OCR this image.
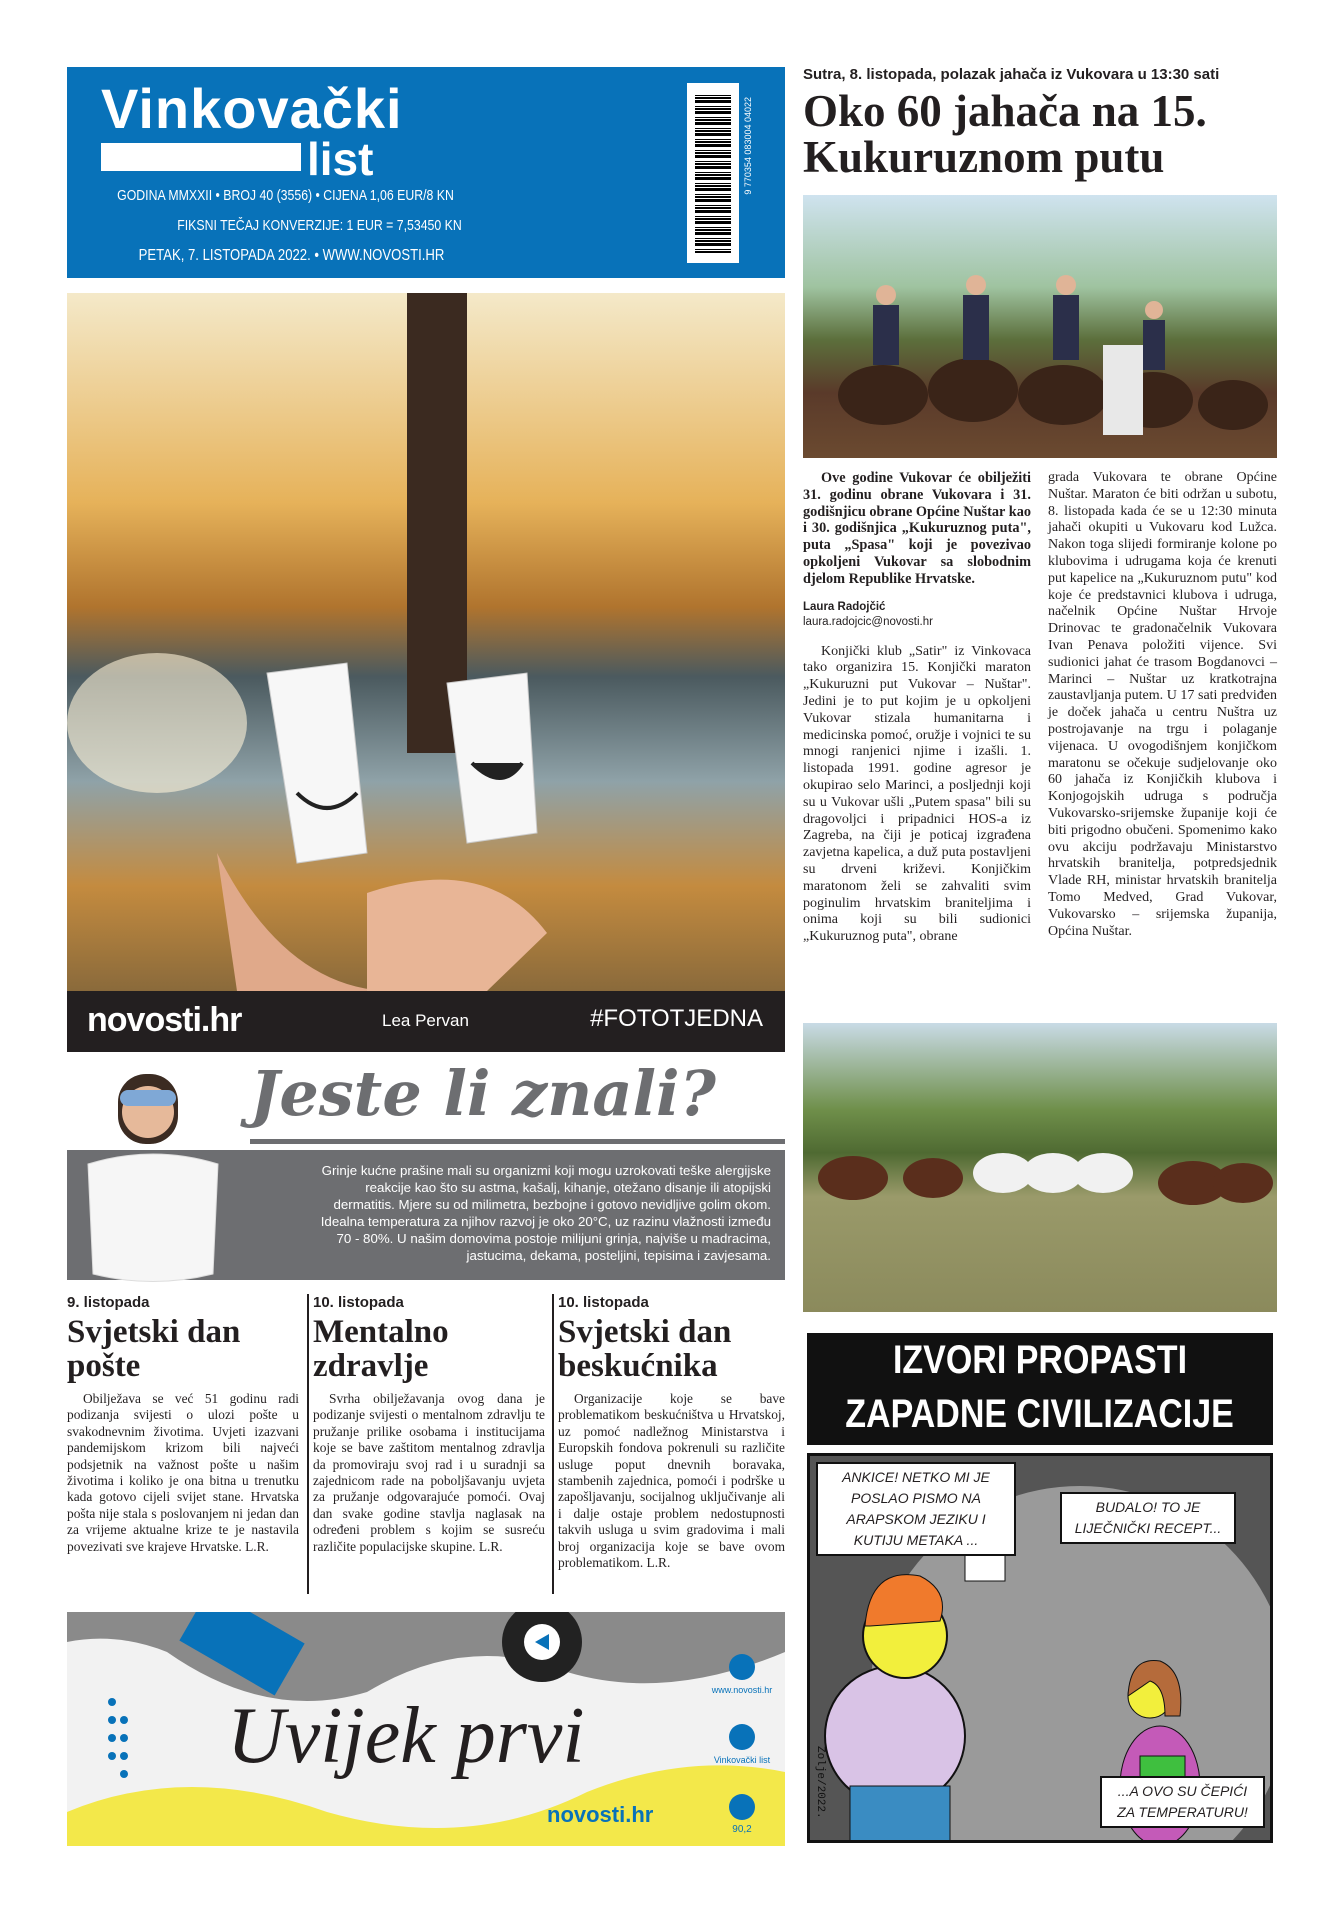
Vinkovački
list
GODINA MMXXII • BROJ 40 (3556) • CIJENA 1,06 EUR/8 KN
FIKSNI TEČAJ KONVERZIJE: 1 EUR = 7,53450 KN
PETAK, 7. LISTOPADA 2022. • WWW.NOVOSTI.HR
9 770354 083004 04022
Sutra, 8. listopada, polazak jahača iz Vukovara u 13:30 sati
Oko 60 jahača na 15. Kukuruznom putu

Ove godine Vukovar će obilježiti 31. godinu obrane Vukovara i 31. godišnjicu obrane Općine Nuštar kao i 30. godišnjica „Kukuruznog puta", puta „Spasa" koji je povezivao opkoljeni Vukovar sa slobodnim djelom Republike Hrvatske.

Laura Radojčić
laura.radojcic@novosti.hr

Konjički klub „Satir" iz Vinkovaca tako organizira 15. Konjički maraton „Kukuruzni put Vukovar – Nuštar". Jedini je to put kojim je u opkoljeni Vukovar stizala humanitarna i medicinska pomoć, oružje i vojnici te su mnogi ranjenici njime i izašli. 1. listopada 1991. godine agresor je okupirao selo Marinci, a posljednji koji su u Vukovar ušli „Putem spasa" bili su dragovoljci i pripadnici HOS-a iz Zagreba, na čiji je poticaj izgrađena zavjetna kapelica, a duž puta postavljeni su drveni križevi. Konjičkim maratonom želi se zahvaliti svim poginulim hrvatskim braniteljima i onima koji su bili sudionici „Kukuruznog puta", obrane

grada Vukovara te obrane Općine Nuštar. Maraton će biti održan u subotu, 8. listopada kada će se u 12:30 minuta jahači okupiti u Vukovaru kod Lužca. Nakon toga slijedi formiranje kolone po klubovima i udrugama koja će krenuti put kapelice na „Kukuruznom putu" kod koje će predstavnici klubova i udruga, načelnik Općine Nuštar Hrvoje Drinovac te gradonačelnik Vukovara Ivan Penava položiti vijence. Svi sudionici jahat će trasom Bogdanovci – Marinci – Nuštar uz kratkotrajna zaustavljanja putem. U 17 sati predviđen je doček jahača u centru Nuštra uz postrojavanje na trgu i polaganje vijenaca. U ovogodišnjem konjičkom maratonu se očekuje sudjelovanje oko 60 jahača iz Konjičkih klubova i Konjogojskih udruga s područja Vukovarsko-srijemske županije koji će biti prigodno obučeni. Spomenimo kako ovu akciju podržavaju Ministarstvo hrvatskih branitelja, potpredsjednik Vlade RH, ministar hrvatskih branitelja Tomo Medved, Grad Vukovar, Vukovarsko – srijemska županija, Općina Nuštar.

IZVORI PROPASTI
ZAPADNE CIVILIZACIJE
ANKICE! NETKO MI JE POSLAO PISMO NA ARAPSKOM JEZIKU I KUTIJU METAKA ...
BUDALO! TO JE LIJEČNIČKI RECEPT...
...A OVO SU ČEPIĆI ZA TEMPERATURU!
Zolje/2022.
novosti.hr	Lea Pervan	#FOTOTJEDNA
Jeste li znali?
Grinje kućne prašine mali su organizmi koji mogu uzrokovati teške alergijske reakcije kao što su astma, kašalj, kihanje, otežano disanje ili atopijski dermatitis. Mjere su od milimetra, bezbojne i gotovo nevidljive golim okom. Idealna temperatura za njihov razvoj je oko 20°C, uz razinu vlažnosti između 70 - 80%. U našim domovima postoje milijuni grinja, najviše u madracima, jastucima, dekama, posteljini, tepisima i zavjesama.
9. listopada
Svjetski dan pošte

Obilježava se već 51 godinu radi podizanja svijesti o ulozi pošte u svakodnevnim životima. Uvjeti izazvani pandemijskom krizom bili najveći podsjetnik na važnost pošte u našim životima i koliko je ona bitna u trenutku kada gotovo cijeli svijet stane. Hrvatska pošta nije stala s poslovanjem ni jedan dan za vrijeme aktualne krize te je nastavila povezivati sve krajeve Hrvatske. L.R.

10. listopada
Mentalno zdravlje

Svrha obilježavanja ovog dana je podizanje svijesti o mentalnom zdravlju te pružanje prilike osobama i institucijama koje se bave zaštitom mentalnog zdravlja da promoviraju svoj rad i u suradnji sa zajednicom rade na poboljšavanju uvjeta za pružanje odgovarajuće pomoći. Ovaj dan svake godine stavlja naglasak na određeni problem s kojim se susreću različite populacijske skupine. L.R.

10. listopada
Svjetski dan beskućnika

Organizacije koje se bave problematikom beskućništva u Hrvatskoj, uz pomoć nadležnog Ministarstva i Europskih fondova pokrenuli su različite usluge poput dnevnih boravaka, stambenih zajednica, pomoći i podrške u zapošljavanju, socijalnog uključivanje ali i dalje ostaje problem nedostupnosti takvih usluga u svim gradovima i mali broj organizacija koje se bave ovom problematikom. L.R.

Uvijek prvi
novosti.hr
www.novosti.hr
Vinkovački list
90,2
